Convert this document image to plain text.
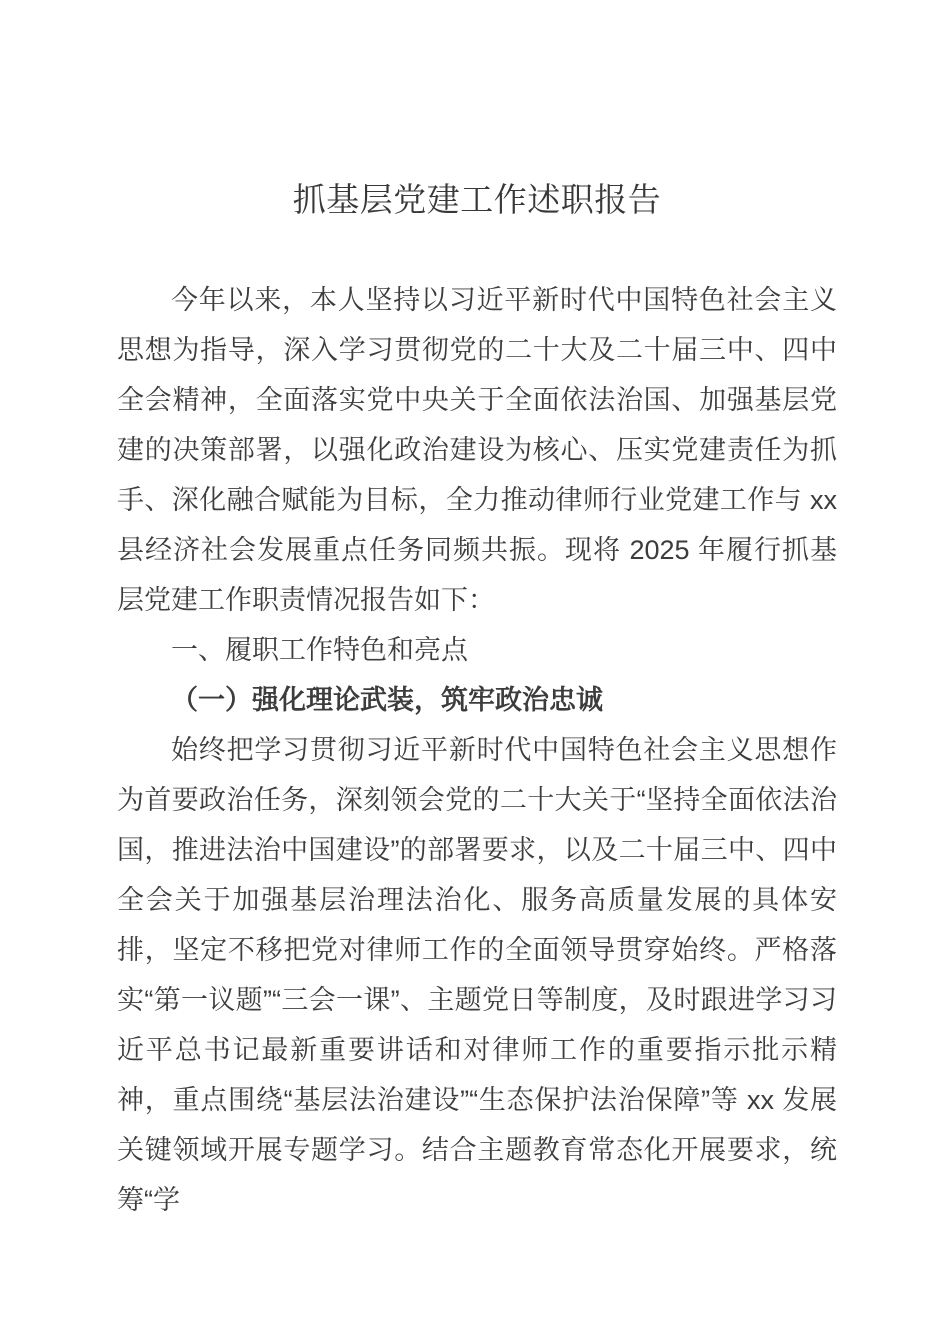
抓基层党建工作述职报告

今年以来，本人坚持以习近平新时代中国特色社会主义思想为指导，深入学习贯彻党的二十大及二十届三中、四中全会精神，全面落实党中央关于全面依法治国、加强基层党建的决策部署，以强化政治建设为核心、压实党建责任为抓手、深化融合赋能为目标，全力推动律师行业党建工作与 xx 县经济社会发展重点任务同频共振。现将 2025 年履行抓基层党建工作职责情况报告如下：

一、履职工作特色和亮点
（一）强化理论武装，筑牢政治忠诚

始终把学习贯彻习近平新时代中国特色社会主义思想作为首要政治任务，深刻领会党的二十大关于“坚持全面依法治国，推进法治中国建设”的部署要求，以及二十届三中、四中全会关于加强基层治理法治化、服务高质量发展的具体安排，坚定不移把党对律师工作的全面领导贯穿始终。严格落实“第一议题”“三会一课”、主题党日等制度，及时跟进学习习近平总书记最新重要讲话和对律师工作的重要指示批示精神，重点围绕“基层法治建设”“生态保护法治保障”等 xx 发展关键领域开展专题学习。结合主题教育常态化开展要求，统筹“学
